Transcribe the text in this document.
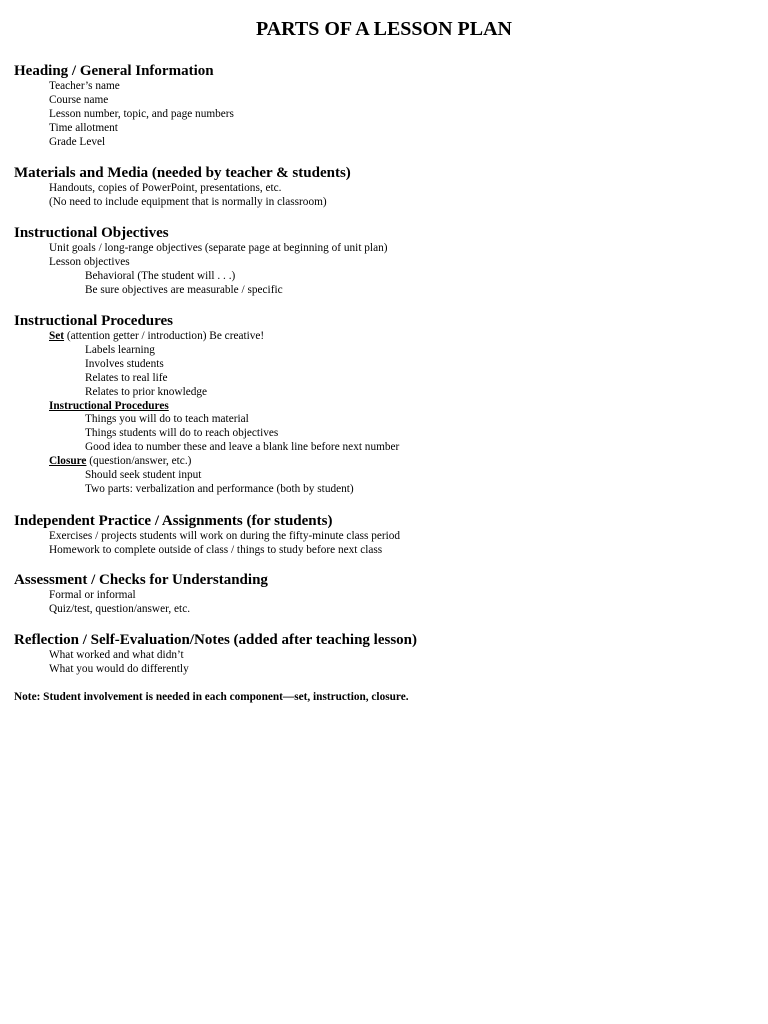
PARTS OF A LESSON PLAN
Heading / General Information
Teacher’s name
Course name
Lesson number, topic, and page numbers
Time allotment
Grade Level
Materials and Media (needed by teacher & students)
Handouts, copies of PowerPoint, presentations, etc.
(No need to include equipment that is normally in classroom)
Instructional Objectives
Unit goals / long-range objectives (separate page at beginning of unit plan)
Lesson objectives
Behavioral (The student will . . .)
Be sure objectives are measurable / specific
Instructional Procedures
Set (attention getter / introduction) Be creative!
Labels learning
Involves students
Relates to real life
Relates to prior knowledge
Instructional Procedures
Things you will do to teach material
Things students will do to reach objectives
Good idea to number these and leave a blank line before next number
Closure (question/answer, etc.)
Should seek student input
Two parts: verbalization and performance (both by student)
Independent Practice / Assignments (for students)
Exercises / projects students will work on during the fifty-minute class period
Homework to complete outside of class / things to study before next class
Assessment / Checks for Understanding
Formal or informal
Quiz/test, question/answer, etc.
Reflection / Self-Evaluation/Notes (added after teaching lesson)
What worked and what didn’t
What you would do differently
Note: Student involvement is needed in each component—set, instruction, closure.
